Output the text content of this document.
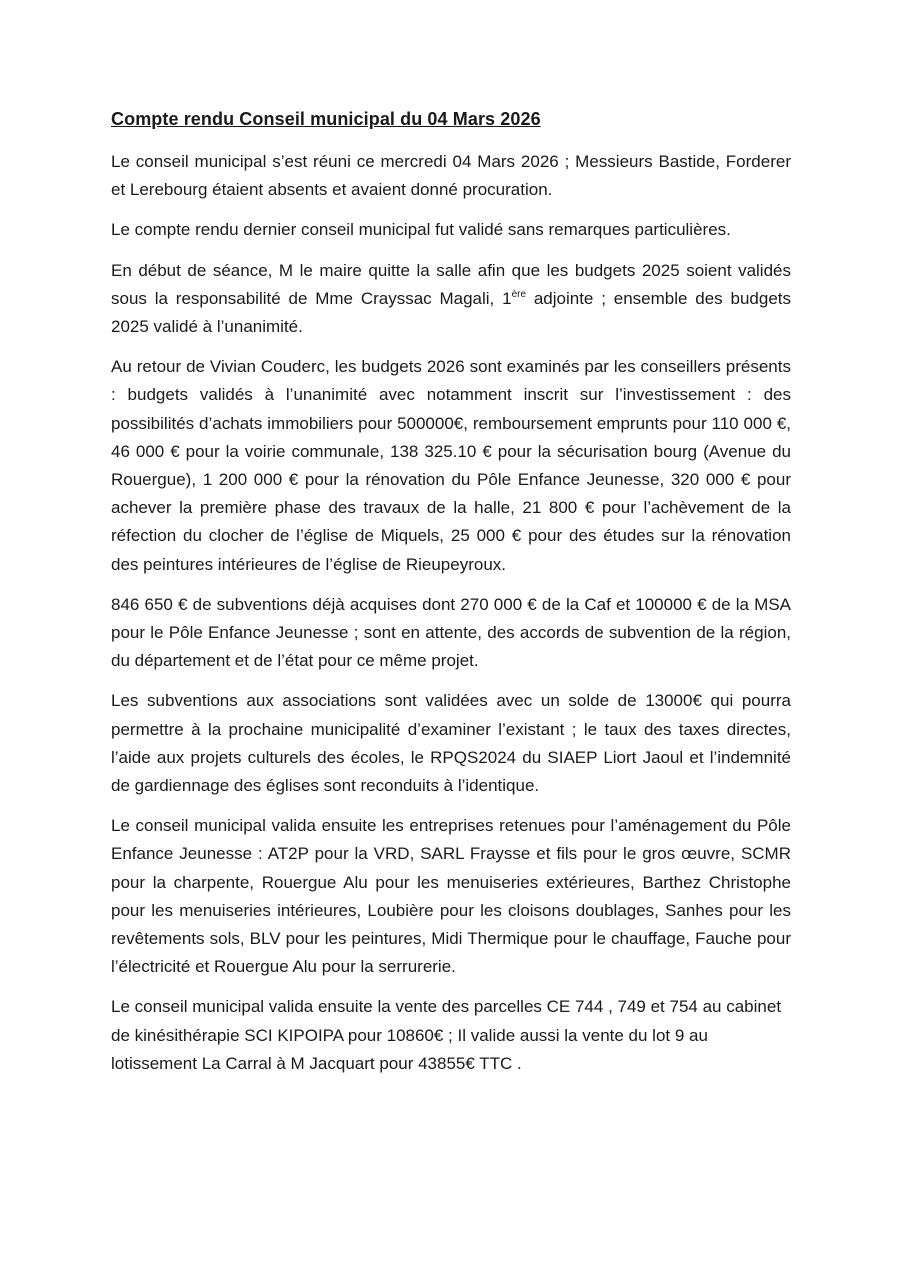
Compte rendu Conseil municipal du 04 Mars 2026

Le conseil municipal s’est réuni ce mercredi 04 Mars 2026 ; Messieurs Bastide, Forderer et Lerebourg étaient absents et avaient donné procuration.

Le compte rendu dernier conseil municipal fut validé sans remarques particulières.

En début de séance, M le maire quitte la salle afin que les budgets 2025 soient validés sous la responsabilité de Mme Crayssac Magali, 1ère adjointe ; ensemble des budgets 2025 validé à l’unanimité.

Au retour de Vivian Couderc, les budgets 2026 sont examinés par les conseillers présents : budgets validés à l’unanimité avec notamment inscrit sur l’investissement : des possibilités d’achats immobiliers pour 500000€, remboursement emprunts pour 110 000 €, 46 000 € pour la voirie communale, 138 325.10 € pour la sécurisation bourg (Avenue du Rouergue), 1 200 000 € pour la rénovation du Pôle Enfance Jeunesse, 320 000 € pour achever la première phase des travaux de la halle, 21 800 € pour l’achèvement de la réfection du clocher de l’église de Miquels, 25 000 € pour des études sur la rénovation des peintures intérieures de l’église de Rieupeyroux.

846 650 € de subventions déjà acquises dont 270 000 € de la Caf et 100000 € de la MSA pour le Pôle Enfance Jeunesse ; sont en attente, des accords de subvention de la région, du département et de l’état pour ce même projet.

Les subventions aux associations sont validées avec un solde de 13000€ qui pourra permettre à la prochaine municipalité d’examiner l’existant ; le taux des taxes directes, l’aide aux projets culturels des écoles, le RPQS2024 du SIAEP Liort Jaoul et l’indemnité de gardiennage des églises sont reconduits à l’identique.

Le conseil municipal valida ensuite les entreprises retenues pour l’aménagement du Pôle Enfance Jeunesse : AT2P pour la VRD, SARL Fraysse et fils pour le gros œuvre, SCMR pour la charpente, Rouergue Alu pour les menuiseries extérieures, Barthez Christophe pour les menuiseries intérieures, Loubière pour les cloisons doublages, Sanhes pour les revêtements sols, BLV pour les peintures, Midi Thermique pour le chauffage, Fauche pour l’électricité et Rouergue Alu pour la serrurerie.

Le conseil municipal valida ensuite la vente des parcelles CE 744 , 749 et 754 au cabinet de kinésithérapie SCI KIPOIPA pour 10860€ ; Il valide aussi la vente du lot 9 au lotissement La Carral à M Jacquart pour 43855€ TTC .
